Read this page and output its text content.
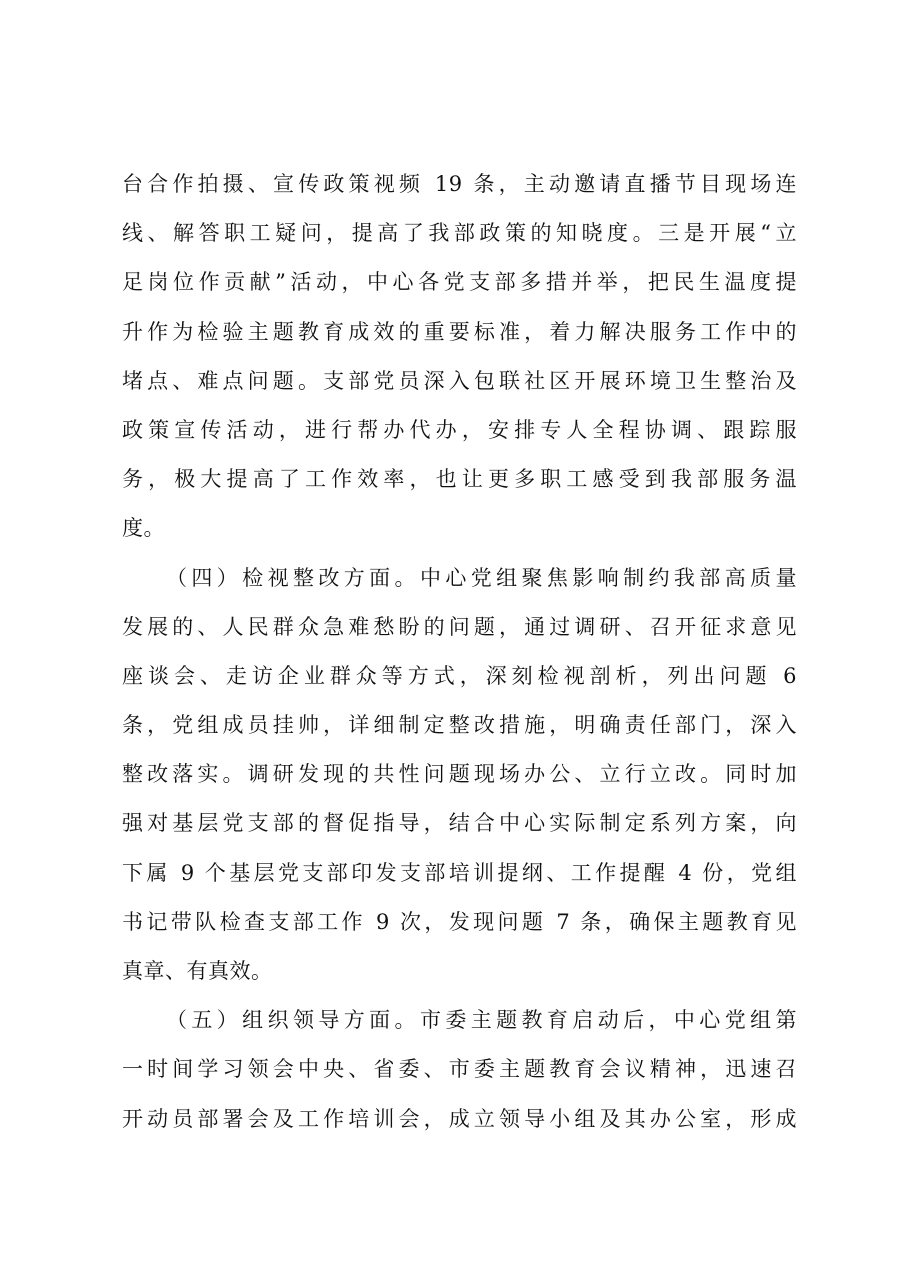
台合作拍摄、宣传政策视频 19 条，主动邀请直播节目现场连
线、解答职工疑问，提高了我部政策的知晓度。三是开展“立
足岗位作贡献”活动，中心各党支部多措并举，把民生温度提
升作为检验主题教育成效的重要标准，着力解决服务工作中的
堵点、难点问题。支部党员深入包联社区开展环境卫生整治及
政策宣传活动，进行帮办代办，安排专人全程协调、跟踪服
务，极大提高了工作效率，也让更多职工感受到我部服务温
度。
（四）检视整改方面。中心党组聚焦影响制约我部高质量
发展的、人民群众急难愁盼的问题，通过调研、召开征求意见
座谈会、走访企业群众等方式，深刻检视剖析，列出问题 6
条，党组成员挂帅，详细制定整改措施，明确责任部门，深入
整改落实。调研发现的共性问题现场办公、立行立改。同时加
强对基层党支部的督促指导，结合中心实际制定系列方案，向
下属 9 个基层党支部印发支部培训提纲、工作提醒 4 份，党组
书记带队检查支部工作 9 次，发现问题 7 条，确保主题教育见
真章、有真效。
（五）组织领导方面。市委主题教育启动后，中心党组第
一时间学习领会中央、省委、市委主题教育会议精神，迅速召
开动员部署会及工作培训会，成立领导小组及其办公室，形成
